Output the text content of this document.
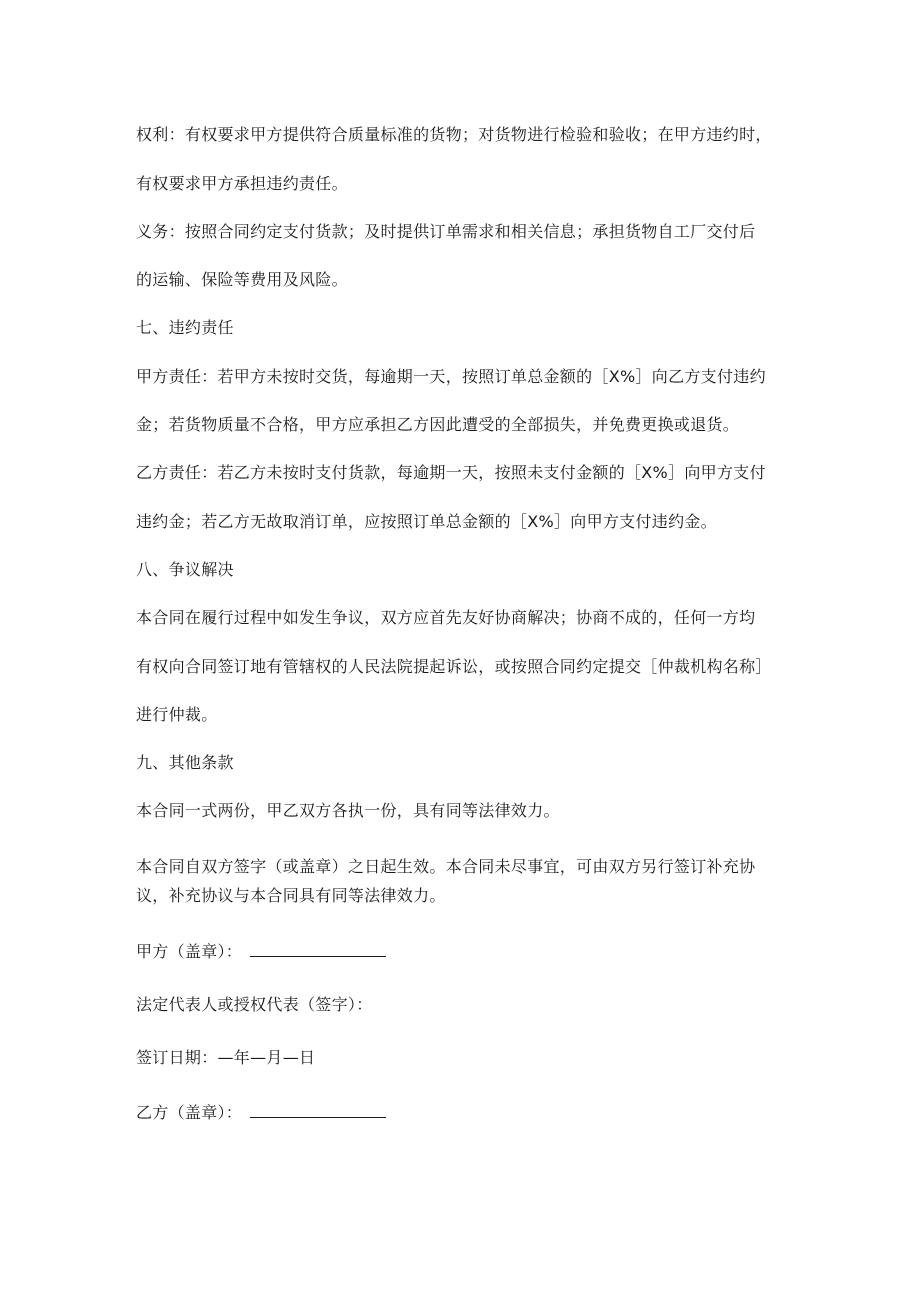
权利：有权要求甲方提供符合质量标准的货物；对货物进行检验和验收；在甲方违约时，
有权要求甲方承担违约责任。
义务：按照合同约定支付货款；及时提供订单需求和相关信息；承担货物自工厂交付后
的运输、保险等费用及风险。
七、违约责任
甲方责任：若甲方未按时交货，每逾期一天，按照订单总金额的［X%］向乙方支付违约
金；若货物质量不合格，甲方应承担乙方因此遭受的全部损失，并免费更换或退货。
乙方责任：若乙方未按时支付货款，每逾期一天，按照未支付金额的［X%］向甲方支付
违约金；若乙方无故取消订单，应按照订单总金额的［X%］向甲方支付违约金。
八、争议解决
本合同在履行过程中如发生争议，双方应首先友好协商解决；协商不成的，任何一方均
有权向合同签订地有管辖权的人民法院提起诉讼，或按照合同约定提交［仲裁机构名称］
进行仲裁。
九、其他条款
本合同一式两份，甲乙双方各执一份，具有同等法律效力。
本合同自双方签字（或盖章）之日起生效。本合同未尽事宜，可由双方另行签订补充协
议，补充协议与本合同具有同等法律效力。
甲方（盖章）：
法定代表人或授权代表（签字）：
签订日期：—年—月—日
乙方（盖章）：
